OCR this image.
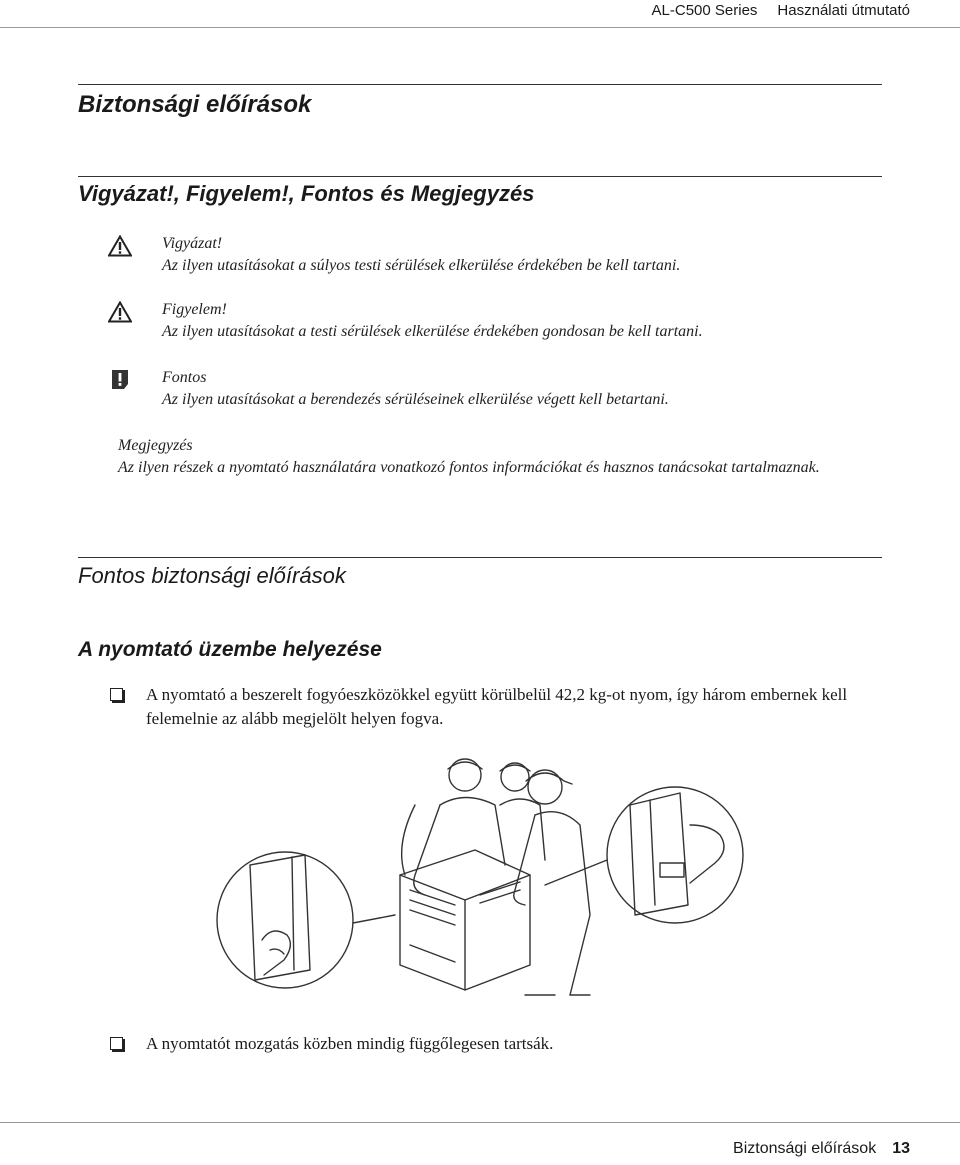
AL-C500 Series Használati útmutató
Biztonsági előírások
Vigyázat!, Figyelem!, Fontos és Megjegyzés
Vigyázat!
Az ilyen utasításokat a súlyos testi sérülések elkerülése érdekében be kell tartani.
Figyelem!
Az ilyen utasításokat a testi sérülések elkerülése érdekében gondosan be kell tartani.
Fontos
Az ilyen utasításokat a berendezés sérüléseinek elkerülése végett kell betartani.
Megjegyzés
Az ilyen részek a nyomtató használatára vonatkozó fontos információkat és hasznos tanácsokat tartalmaznak.
Fontos biztonsági előírások
A nyomtató üzembe helyezése
A nyomtató a beszerelt fogyóeszközökkel együtt körülbelül 42,2 kg-ot nyom, így három embernek kell felemelnie az alább megjelölt helyen fogva.
A nyomtatót mozgatás közben mindig függőlegesen tartsák.
Biztonsági előírások 13
